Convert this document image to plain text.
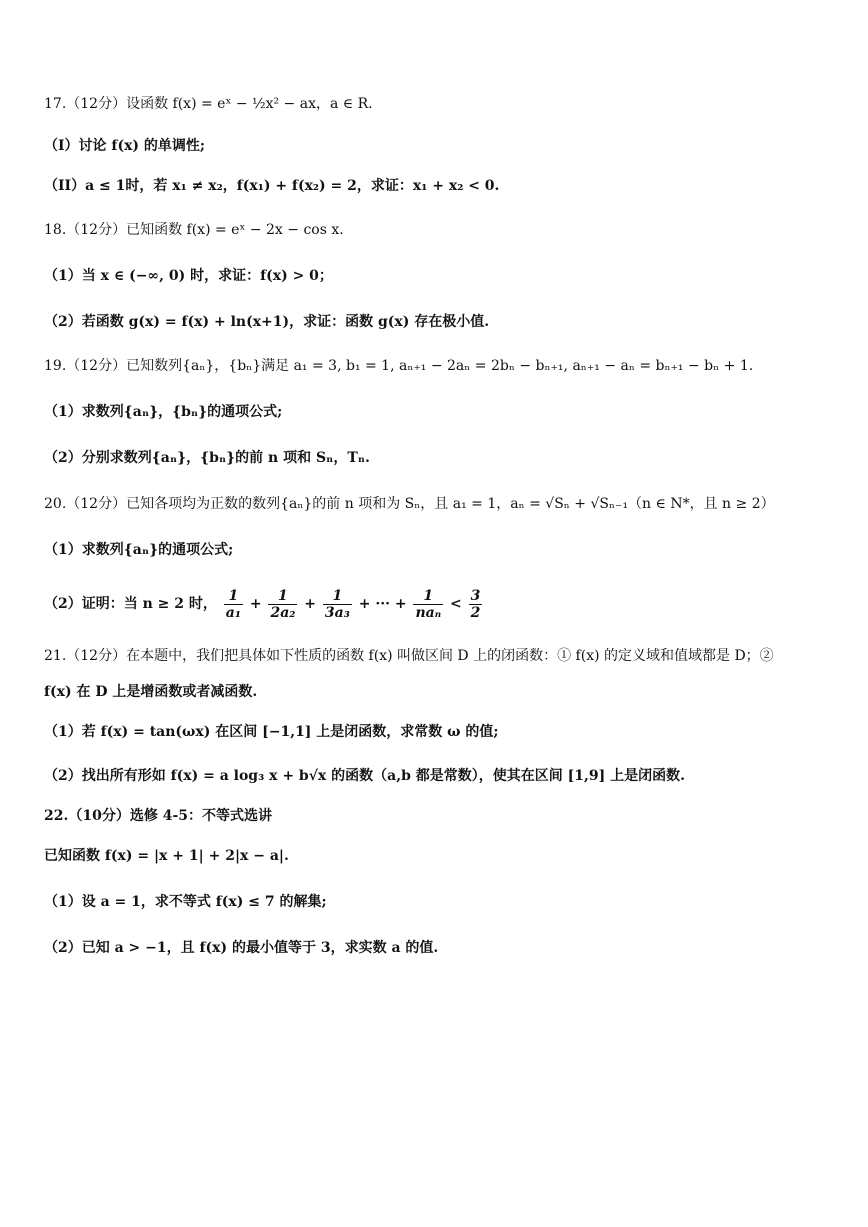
17.（12分）设函数 f(x) = eˣ − ½x² − ax，a ∈ R.
（I）讨论 f(x) 的单调性;
（II）a ≤ 1时，若 x₁ ≠ x₂，f(x₁) + f(x₂) = 2，求证：x₁ + x₂ < 0.
18.（12分）已知函数 f(x) = eˣ − 2x − cos x.
（1）当 x ∈ (−∞, 0) 时，求证：f(x) > 0；
（2）若函数 g(x) = f(x) + ln(x+1)，求证：函数 g(x) 存在极小值.
19.（12分）已知数列{aₙ}，{bₙ}满足 a₁ = 3, b₁ = 1, aₙ₊₁ − 2aₙ = 2bₙ − bₙ₊₁, aₙ₊₁ − aₙ = bₙ₊₁ − bₙ + 1.
（1）求数列{aₙ}，{bₙ}的通项公式;
（2）分别求数列{aₙ}，{bₙ}的前 n 项和 Sₙ，Tₙ.
20.（12分）已知各项均为正数的数列{aₙ}的前 n 项和为 Sₙ，且 a₁ = 1，aₙ = √Sₙ + √Sₙ₋₁（n ∈ N*，且 n ≥ 2）
（1）求数列{aₙ}的通项公式;
（2）证明：当 n ≥ 2 时， $\frac{1}{\text{a₁}} + \frac{1}{\text{2a₂}} + \frac{1}{\text{3a₃}}$ + ··· + $\frac{1}{\text{naₙ}} < \frac{3}{2}$
21.（12分）在本题中，我们把具体如下性质的函数 f(x) 叫做区间 D 上的闭函数：① f(x) 的定义域和值域都是 D；②
f(x) 在 D 上是增函数或者减函数.
（1）若 f(x) = tan(ωx) 在区间 [−1,1] 上是闭函数，求常数 ω 的值;
（2）找出所有形如 f(x) = a log₃ x + b√x 的函数（a,b 都是常数），使其在区间 [1,9] 上是闭函数.
22.（10分）选修 4-5：不等式选讲
已知函数 f(x) = |x + 1| + 2|x − a|.
（1）设 a = 1，求不等式 f(x) ≤ 7 的解集;
（2）已知 a > −1，且 f(x) 的最小值等于 3，求实数 a 的值.
